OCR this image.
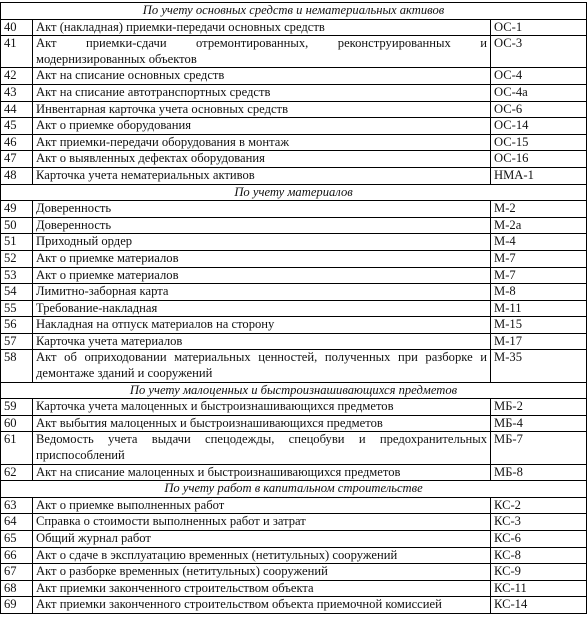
По учету основных средств и нематериальных активов		
40	Акт (накладная) приемки-передачи основных средств	ОС-1
41	Акт приемки-сдачи отремонтированных, реконструированных и модернизированных объектов	ОС-3
42	Акт на списание основных средств	ОС-4
43	Акт на списание автотранспортных средств	ОС-4а
44	Инвентарная карточка учета основных средств	ОС-6
45	Акт о приемке оборудования	ОС-14
46	Акт приемки-передачи оборудования в монтаж	ОС-15
47	Акт о выявленных дефектах оборудования	ОС-16
48	Карточка учета нематериальных активов	НМА-1
По учету материалов		
49	Доверенность	М-2
50	Доверенность	М-2а
51	Приходный ордер	М-4
52	Акт о приемке материалов	М-7
53	Акт о приемке материалов	М-7
54	Лимитно-заборная карта	М-8
55	Требование-накладная	М-11
56	Накладная на отпуск материалов на сторону	М-15
57	Карточка учета материалов	М-17
58	Акт об оприходовании материальных ценностей, полученных при разборке и демонтаже зданий и сооружений	М-35
По учету малоценных и быстроизнашивающихся предметов		
59	Карточка учета малоценных и быстроизнашивающихся предметов	МБ-2
60	Акт выбытия малоценных и быстроизнашивающихся предметов	МБ-4
61	Ведомость учета выдачи спецодежды, спецобуви и предохранительных приспособлений	МБ-7
62	Акт на списание малоценных и быстроизнашивающихся предметов	МБ-8
По учету работ в капитальном строительстве		
63	Акт о приемке выполненных работ	КС-2
64	Справка о стоимости выполненных работ и затрат	КС-3
65	Общий журнал работ	КС-6
66	Акт о сдаче в эксплуатацию временных (нетитульных) сооружений	КС-8
67	Акт о разборке временных (нетитульных) сооружений	КС-9
68	Акт приемки законченного строительством объекта	КС-11
69	Акт приемки законченного строительством объекта приемочной комиссией	КС-14
